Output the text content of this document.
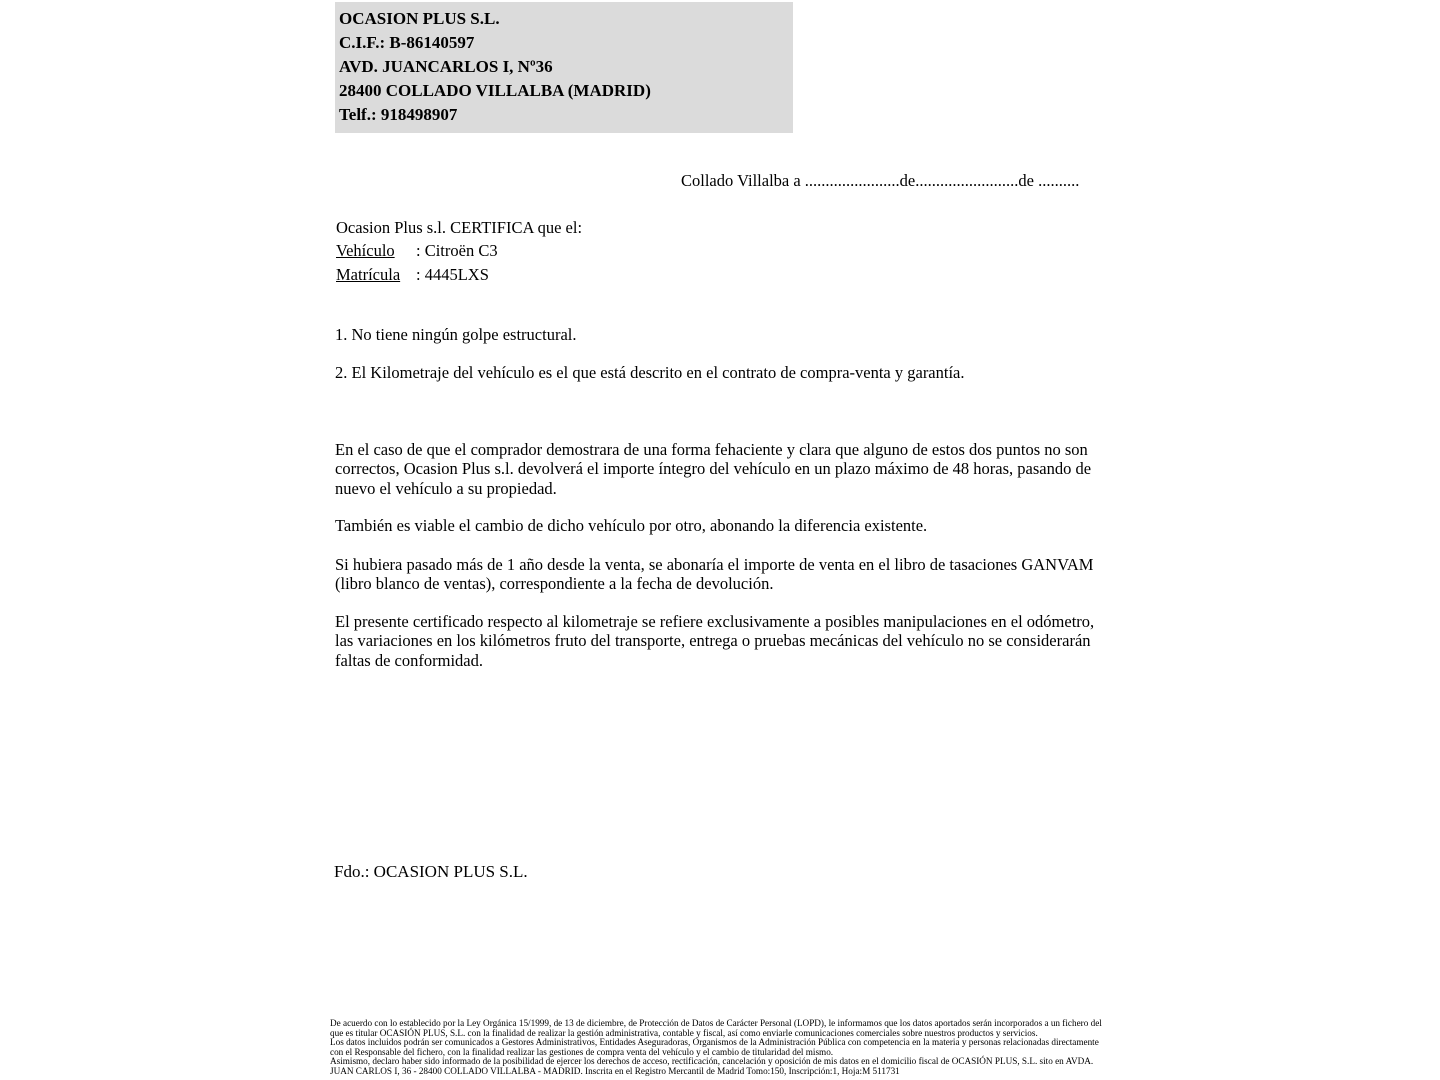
OCASION PLUS S.L.
C.I.F.: B-86140597
AVD. JUANCARLOS I, Nº36
28400 COLLADO VILLALBA (MADRID)
Telf.: 918498907
Collado Villalba a .......................de.........................de ..........
Ocasion Plus s.l. CERTIFICA que el:
Vehículo : Citroën C3
Matrícula : 4445LXS
1. No tiene ningún golpe estructural.
2. El Kilometraje del vehículo es el que está descrito en el contrato de compra-venta y garantía.
En el caso de que el comprador demostrara de una forma fehaciente y clara que alguno de estos dos puntos no son correctos, Ocasion Plus s.l. devolverá el importe íntegro del vehículo en un plazo máximo de 48 horas, pasando de nuevo el vehículo a su propiedad.
También es viable el cambio de dicho vehículo por otro, abonando la diferencia existente.
Si hubiera pasado más de 1 año desde la venta, se abonaría el importe de venta en el libro de tasaciones GANVAM (libro blanco de ventas), correspondiente a la fecha de devolución.
El presente certificado respecto al kilometraje se refiere exclusivamente a posibles manipulaciones en el odómetro, las variaciones en los kilómetros fruto del transporte, entrega o pruebas mecánicas del vehículo no se considerarán faltas de conformidad.
Fdo.: OCASION PLUS S.L.

De acuerdo con lo establecido por la Ley Orgánica 15/1999, de 13 de diciembre, de Protección de Datos de Carácter Personal (LOPD), le informamos que los datos aportados serán incorporados a un fichero del que es titular OCASIÓN PLUS, S.L. con la finalidad de realizar la gestión administrativa, contable y fiscal, así como enviarle comunicaciones comerciales sobre nuestros productos y servicios.

Los datos incluidos podrán ser comunicados a Gestores Administrativos, Entidades Aseguradoras, Organismos de la Administración Pública con competencia en la materia y personas relacionadas directamente con el Responsable del fichero, con la finalidad realizar las gestiones de compra venta del vehículo y el cambio de titularidad del mismo.

Asimismo, declaro haber sido informado de la posibilidad de ejercer los derechos de acceso, rectificación, cancelación y oposición de mis datos en el domicilio fiscal de OCASIÓN PLUS, S.L. sito en AVDA. JUAN CARLOS I, 36 - 28400 COLLADO VILLALBA - MADRID. Inscrita en el Registro Mercantil de Madrid Tomo:150, Inscripción:1, Hoja:M 511731
